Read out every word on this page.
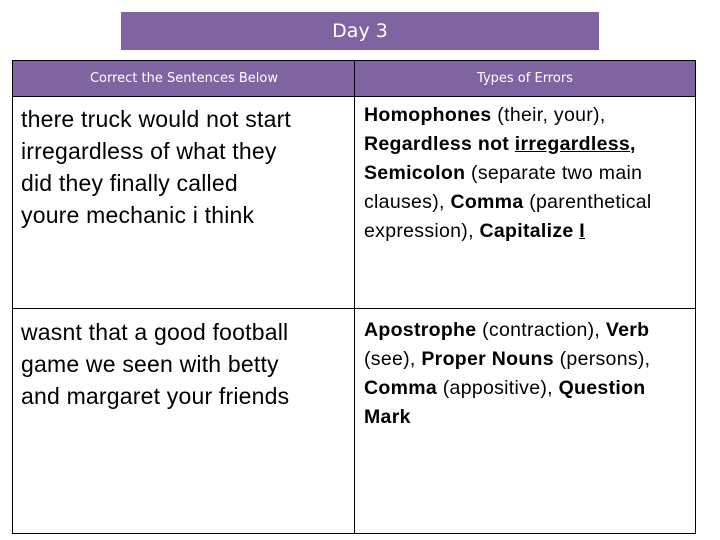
Day 3
Correct the Sentences Below	Types of Errors
there truck would not start
irregardless of what they
did they finally called
youre mechanic i think
Homophones (their, your), Regardless not irregardless, Semicolon (separate two main clauses), Comma (parenthetical expression), Capitalize I
wasnt that a good football
game we seen with betty
and margaret your friends
Apostrophe (contraction), Verb (see), Proper Nouns (persons), Comma (appositive), Question Mark
